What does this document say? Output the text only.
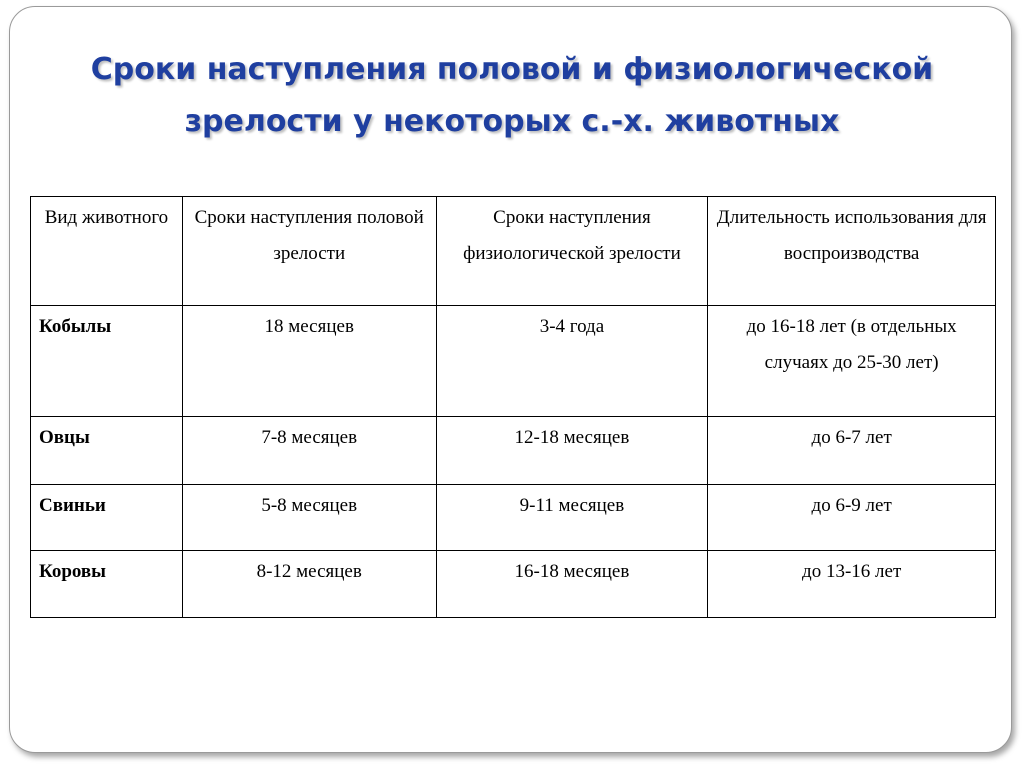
Сроки наступления половой и физиологической
зрелости у некоторых с.-х. животных
Вид животного	Сроки наступления половой зрелости	Сроки наступления физиологической зрелости	Длительность использования для воспроизводства
Кобылы	18 месяцев	3-4 года	до 16-18 лет (в отдельных случаях до 25-30 лет)
Овцы	7-8 месяцев	12-18 месяцев	до 6-7 лет
Свиньи	5-8 месяцев	9-11 месяцев	до 6-9 лет
Коровы	8-12 месяцев	16-18 месяцев	до 13-16 лет
